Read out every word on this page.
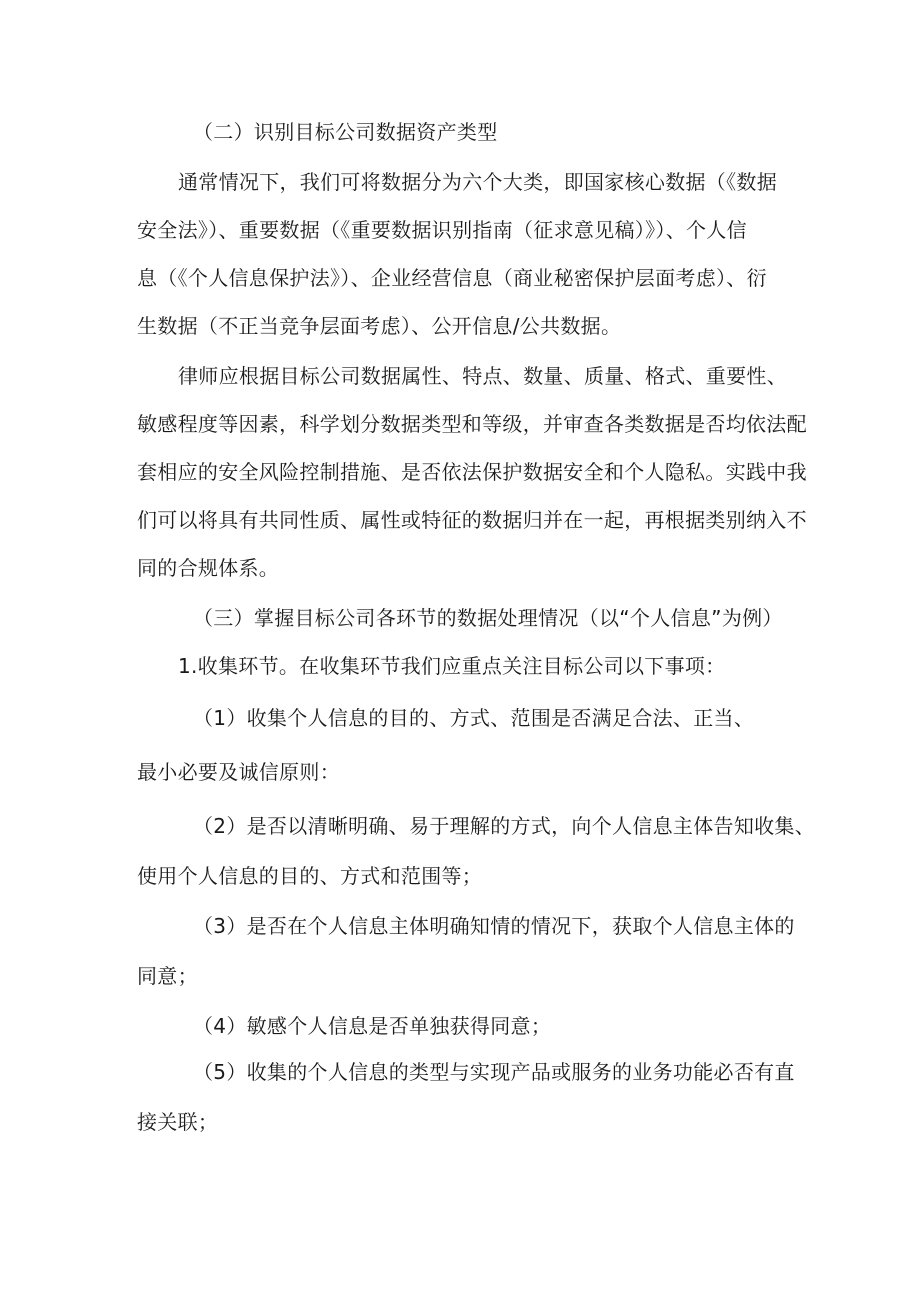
（二）识别目标公司数据资产类型
通常情况下，我们可将数据分为六个大类，即国家核心数据（《数据
安全法》）、重要数据（《重要数据识别指南（征求意见稿）》）、个人信
息（《个人信息保护法》）、企业经营信息（商业秘密保护层面考虑）、衍
生数据（不正当竞争层面考虑）、公开信息/公共数据。
律师应根据目标公司数据属性、特点、数量、质量、格式、重要性、
敏感程度等因素，科学划分数据类型和等级，并审查各类数据是否均依法配
套相应的安全风险控制措施、是否依法保护数据安全和个人隐私。实践中我
们可以将具有共同性质、属性或特征的数据归并在一起，再根据类别纳入不
同的合规体系。
（三）掌握目标公司各环节的数据处理情况（以“个人信息”为例）
1.收集环节。在收集环节我们应重点关注目标公司以下事项：
（1）收集个人信息的目的、方式、范围是否满足合法、正当、
最小必要及诚信原则：
（2）是否以清晰明确、易于理解的方式，向个人信息主体告知收集、
使用个人信息的目的、方式和范围等；
（3）是否在个人信息主体明确知情的情况下，获取个人信息主体的
同意；
（4）敏感个人信息是否单独获得同意；
（5）收集的个人信息的类型与实现产品或服务的业务功能必否有直
接关联；
